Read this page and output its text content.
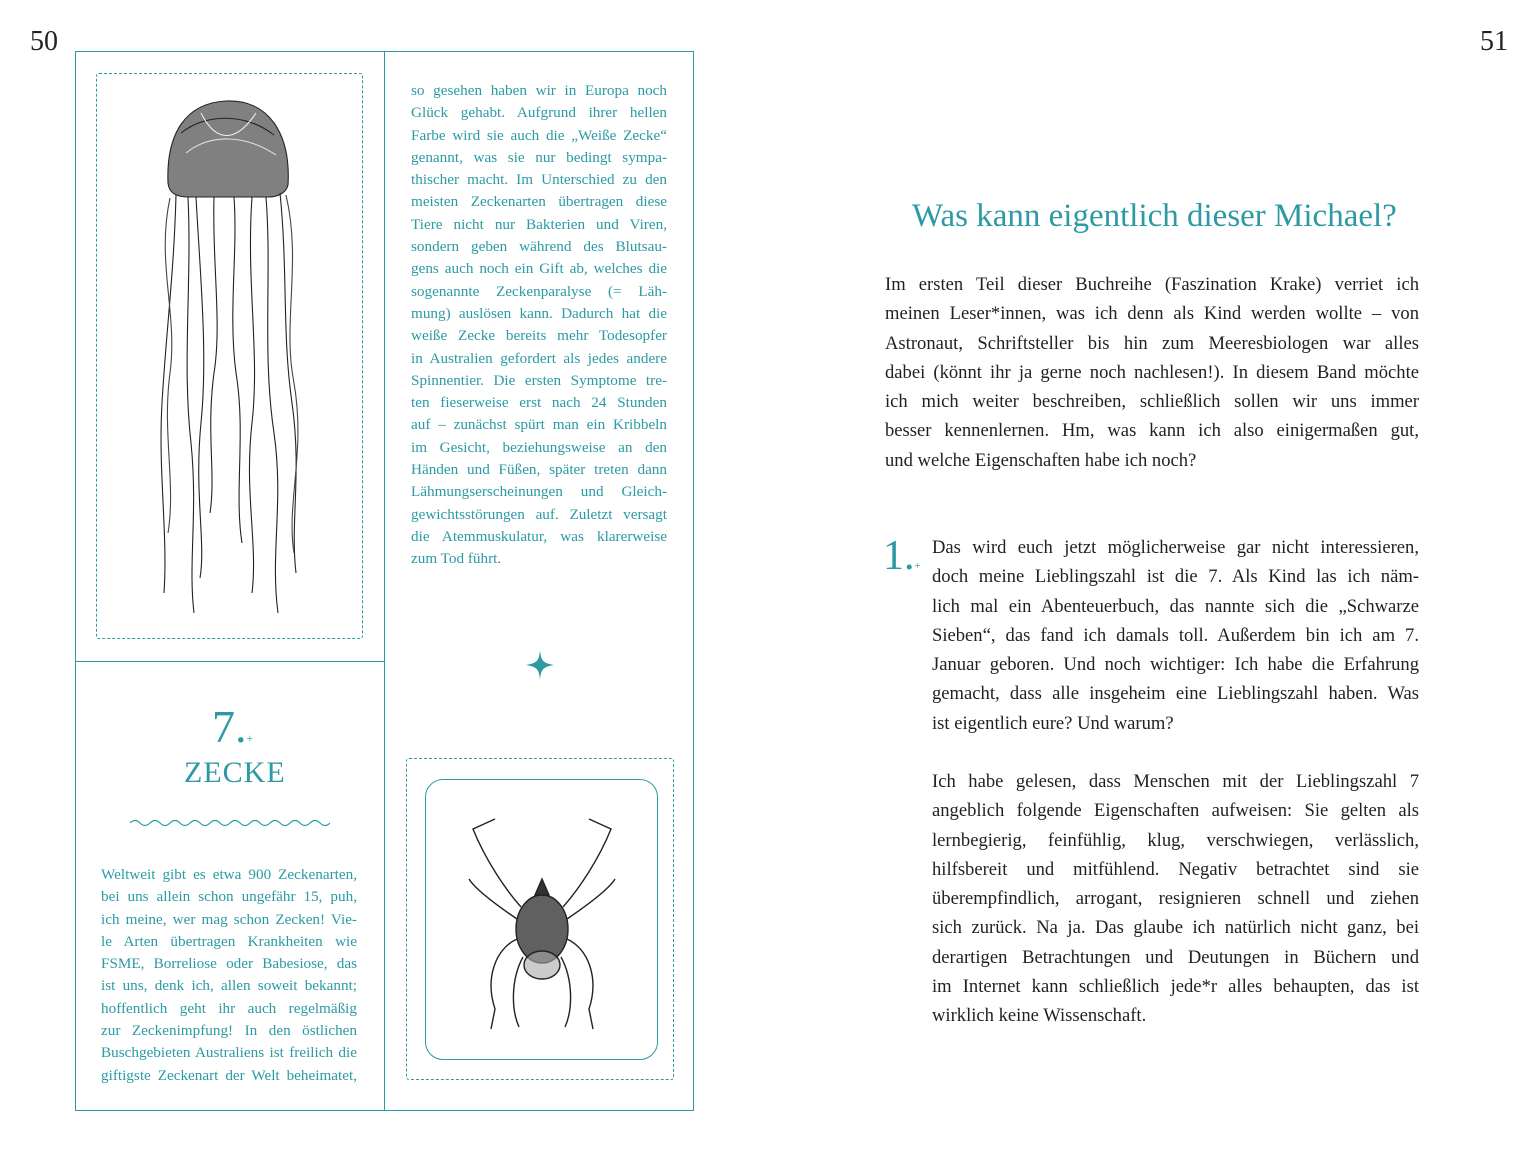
50	51
so gesehen haben wir in Europa noch
Glück gehabt. Aufgrund ihrer hellen
Farbe wird sie auch die „Weiße Zecke“
genannt, was sie nur bedingt sympa-
thischer macht. Im Unterschied zu den
meisten Zeckenarten übertragen diese
Tiere nicht nur Bakterien und Viren,
sondern geben während des Blutsau-
gens auch noch ein Gift ab, welches die
sogenannte Zeckenparalyse (= Läh-
mung) auslösen kann. Dadurch hat die
weiße Zecke bereits mehr Todesopfer
in Australien gefordert als jedes andere
Spinnentier. Die ersten Symptome tre-
ten fieserweise erst nach 24 Stunden
auf – zunächst spürt man ein Kribbeln
im Gesicht, beziehungsweise an den
Händen und Füßen, später treten dann
Lähmungserscheinungen und Gleich-
gewichtsstörungen auf. Zuletzt versagt
die Atemmuskulatur, was klarerweise
zum Tod führt.
7.+
ZECKE
Weltweit gibt es etwa 900 Zeckenarten,
bei uns allein schon ungefähr 15, puh,
ich meine, wer mag schon Zecken! Vie-
le Arten übertragen Krankheiten wie
FSME, Borreliose oder Babesiose, das
ist uns, denk ich, allen soweit bekannt;
hoffentlich geht ihr auch regelmäßig
zur Zeckenimpfung! In den östlichen
Buschgebieten Australiens ist freilich die
giftigste Zeckenart der Welt beheimatet,
Was kann eigentlich dieser Michael?
Im ersten Teil dieser Buchreihe (Faszination Krake) verriet ich
meinen Leser*innen, was ich denn als Kind werden wollte – von
Astronaut, Schriftsteller bis hin zum Meeresbiologen war alles
dabei (könnt ihr ja gerne noch nachlesen!). In diesem Band möchte
ich mich weiter beschreiben, schließlich sollen wir uns immer
besser kennenlernen. Hm, was kann ich also einigermaßen gut,
und welche Eigenschaften habe ich noch?
1.+
Das wird euch jetzt möglicherweise gar nicht interessieren,
doch meine Lieblingszahl ist die 7. Als Kind las ich näm-
lich mal ein Abenteuerbuch, das nannte sich die „Schwarze
Sieben“, das fand ich damals toll. Außerdem bin ich am 7.
Januar geboren. Und noch wichtiger: Ich habe die Erfahrung
gemacht, dass alle insgeheim eine Lieblingszahl haben. Was
ist eigentlich eure? Und warum?
Ich habe gelesen, dass Menschen mit der Lieblingszahl 7
angeblich folgende Eigenschaften aufweisen: Sie gelten als
lernbegierig, feinfühlig, klug, verschwiegen, verlässlich,
hilfsbereit und mitfühlend. Negativ betrachtet sind sie
überempfindlich, arrogant, resignieren schnell und ziehen
sich zurück. Na ja. Das glaube ich natürlich nicht ganz, bei
derartigen Betrachtungen und Deutungen in Büchern und
im Internet kann schließlich jede*r alles behaupten, das ist
wirklich keine Wissenschaft.
